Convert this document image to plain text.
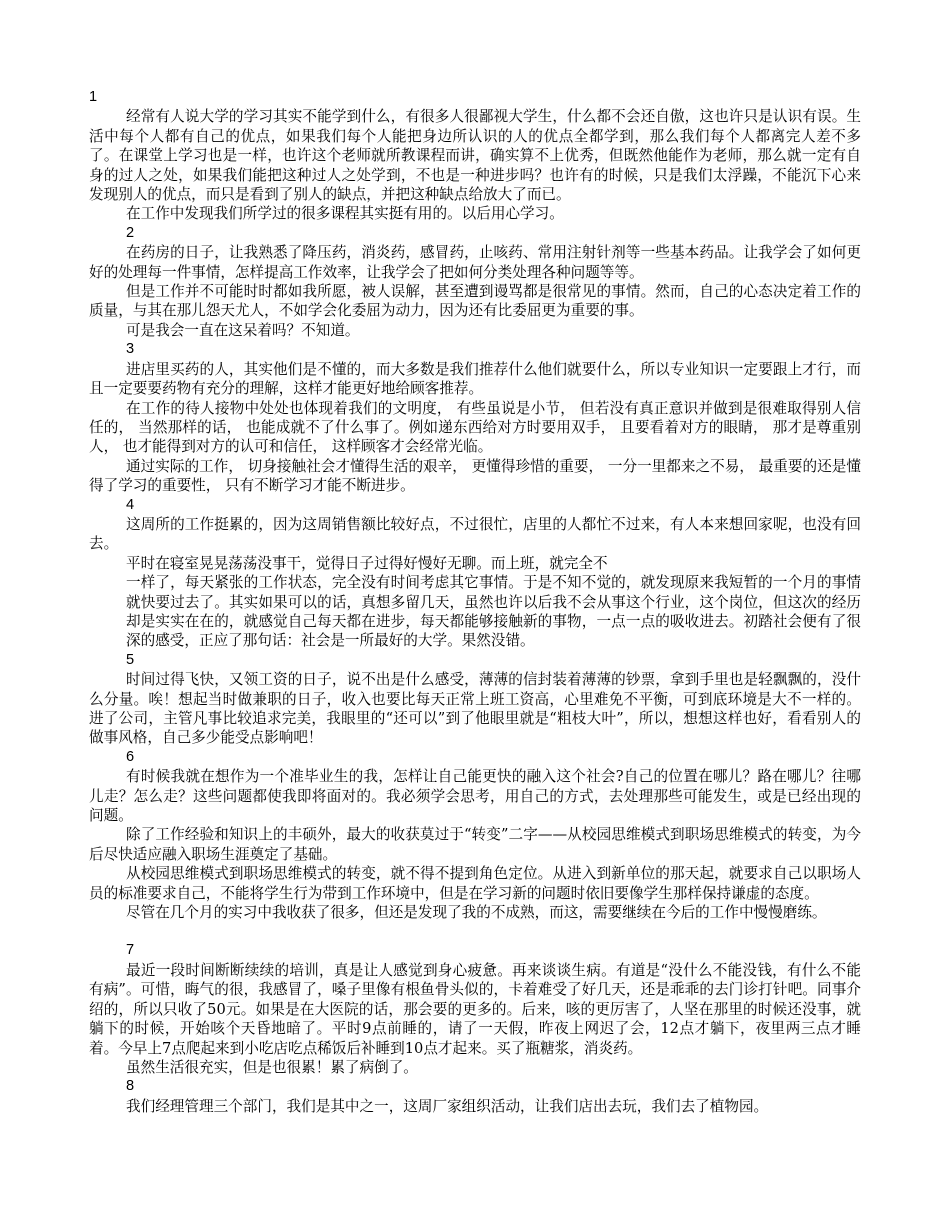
1

经常有人说大学的学习其实不能学到什么，有很多人很鄙视大学生，什么都不会还自傲，这也许只是认识有误。生活中每个人都有自己的优点，如果我们每个人能把身边所认识的人的优点全都学到，那么我们每个人都离完人差不多了。在课堂上学习也是一样，也许这个老师就所教课程而讲，确实算不上优秀，但既然他能作为老师，那么就一定有自身的过人之处，如果我们能把这种过人之处学到，不也是一种进步吗？也许有的时候，只是我们太浮躁，不能沉下心来发现别人的优点，而只是看到了别人的缺点，并把这种缺点给放大了而已。

在工作中发现我们所学过的很多课程其实挺有用的。以后用心学习。

2

在药房的日子，让我熟悉了降压药，消炎药，感冒药，止咳药、常用注射针剂等一些基本药品。让我学会了如何更好的处理每一件事情，怎样提高工作效率，让我学会了把如何分类处理各种问题等等。

但是工作并不可能时时都如我所愿，被人误解，甚至遭到谩骂都是很常见的事情。然而，自己的心态决定着工作的质量，与其在那儿怨天尤人，不如学会化委屈为动力，因为还有比委屈更为重要的事。

可是我会一直在这呆着吗？不知道。

3

进店里买药的人，其实他们是不懂的，而大多数是我们推荐什么他们就要什么，所以专业知识一定要跟上才行，而且一定要要药物有充分的理解，这样才能更好地给顾客推荐。

在工作的待人接物中处处也体现着我们的文明度， 有些虽说是小节， 但若没有真正意识并做到是很难取得别人信任的， 当然那样的话， 也能成就不了什么事了。例如递东西给对方时要用双手， 且要看着对方的眼睛， 那才是尊重别人， 也才能得到对方的认可和信任， 这样顾客才会经常光临。

通过实际的工作， 切身接触社会才懂得生活的艰辛， 更懂得珍惜的重要， 一分一里都来之不易， 最重要的还是懂得了学习的重要性， 只有不断学习才能不断进步。

4

这周所的工作挺累的，因为这周销售额比较好点，不过很忙，店里的人都忙不过来，有人本来想回家呢，也没有回去。

平时在寝室晃晃荡荡没事干，觉得日子过得好慢好无聊。而上班，就完全不

一样了，每天紧张的工作状态，完全没有时间考虑其它事情。于是不知不觉的，就发现原来我短暂的一个月的事情就快要过去了。其实如果可以的话，真想多留几天，虽然也许以后我不会从事这个行业，这个岗位，但这次的经历却是实实在在的，就感觉自己每天都在进步，每天都能够接触新的事物，一点一点的吸收进去。初踏社会便有了很深的感受，正应了那句话：社会是一所最好的大学。果然没错。

5

时间过得飞快，又领工资的日子，说不出是什么感受，薄薄的信封装着薄薄的钞票，拿到手里也是轻飘飘的，没什么分量。唉！想起当时做兼职的日子，收入也要比每天正常上班工资高，心里难免不平衡，可到底环境是大不一样的。进了公司，主管凡事比较追求完美，我眼里的“还可以”到了他眼里就是“粗枝大叶”，所以，想想这样也好，看看别人的做事风格，自己多少能受点影响吧！

6

有时候我就在想作为一个准毕业生的我，怎样让自己能更快的融入这个社会?自己的位置在哪儿？路在哪儿？往哪儿走？怎么走？这些问题都使我即将面对的。我必须学会思考，用自己的方式，去处理那些可能发生，或是已经出现的问题。

除了工作经验和知识上的丰硕外，最大的收获莫过于“转变”二字——从校园思维模式到职场思维模式的转变，为今后尽快适应融入职场生涯奠定了基础。

从校园思维模式到职场思维模式的转变，就不得不提到角色定位。从进入到新单位的那天起，就要求自己以职场人员的标准要求自己，不能将学生行为带到工作环境中，但是在学习新的问题时依旧要像学生那样保持谦虚的态度。

尽管在几个月的实习中我收获了很多，但还是发现了我的不成熟，而这，需要继续在今后的工作中慢慢磨练。

7

最近一段时间断断续续的培训，真是让人感觉到身心疲惫。再来谈谈生病。有道是“没什么不能没钱，有什么不能有病”。可惜，晦气的很，我感冒了，嗓子里像有根鱼骨头似的，卡着难受了好几天，还是乖乖的去门诊打针吧。同事介绍的，所以只收了50元。如果是在大医院的话，那会要的更多的。后来，咳的更厉害了，人坚在那里的时候还没事，就躺下的时候，开始咳个天昏地暗了。平时9点前睡的，请了一天假，昨夜上网迟了会，12点才躺下，夜里两三点才睡着。今早上7点爬起来到小吃店吃点稀饭后补睡到10点才起来。买了瓶糖浆，消炎药。

虽然生活很充实，但是也很累！累了病倒了。

8

我们经理管理三个部门，我们是其中之一，这周厂家组织活动，让我们店出去玩，我们去了植物园。
